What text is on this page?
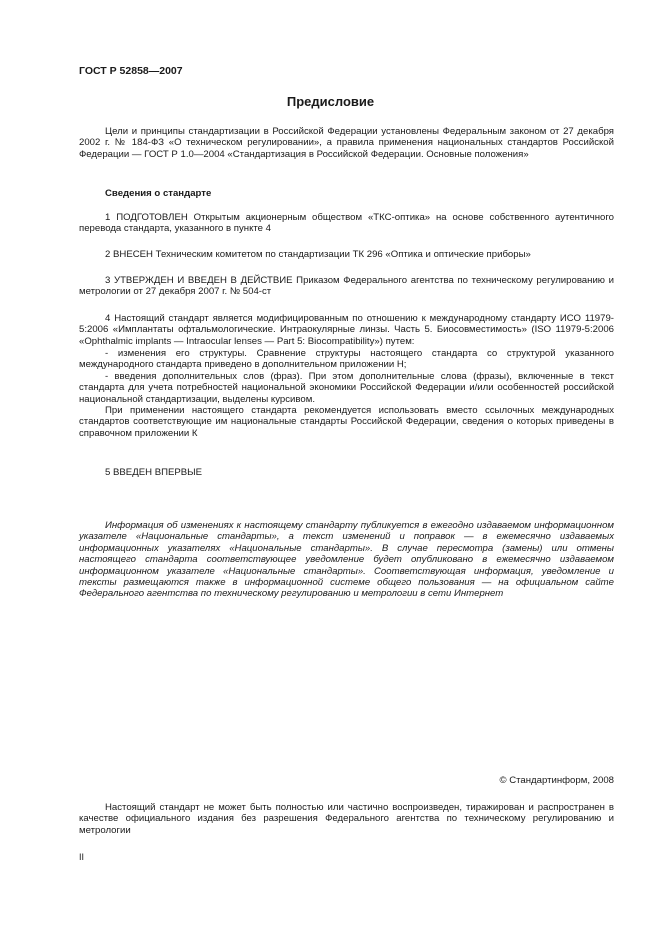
ГОСТ Р 52858—2007
Предисловие
Цели и принципы стандартизации в Российской Федерации установлены Федеральным законом от 27 декабря 2002 г. № 184-ФЗ «О техническом регулировании», а правила применения национальных стандартов Российской Федерации — ГОСТ Р 1.0—2004 «Стандартизация в Российской Федерации. Основные положения»
Сведения о стандарте
1 ПОДГОТОВЛЕН Открытым акционерным обществом «ТКС-оптика» на основе собственного аутентичного перевода стандарта, указанного в пункте 4
2 ВНЕСЕН Техническим комитетом по стандартизации ТК 296 «Оптика и оптические приборы»
3 УТВЕРЖДЕН И ВВЕДЕН В ДЕЙСТВИЕ Приказом Федерального агентства по техническому регулированию и метрологии от 27 декабря 2007 г. № 504-ст
4 Настоящий стандарт является модифицированным по отношению к международному стандарту ИСО 11979-5:2006 «Имплантаты офтальмологические. Интраокулярные линзы. Часть 5. Биосовместимость» (ISO 11979-5:2006 «Ophthalmic implants — Intraocular lenses — Part 5: Biocompatibility») путем:
- изменения его структуры. Сравнение структуры настоящего стандарта со структурой указанного международного стандарта приведено в дополнительном приложении Н;
- введения дополнительных слов (фраз). При этом дополнительные слова (фразы), включенные в текст стандарта для учета потребностей национальной экономики Российской Федерации и/или особенностей российской национальной стандартизации, выделены курсивом.
При применении настоящего стандарта рекомендуется использовать вместо ссылочных международных стандартов соответствующие им национальные стандарты Российской Федерации, сведения о которых приведены в справочном приложении К
5 ВВЕДЕН ВПЕРВЫЕ
Информация об изменениях к настоящему стандарту публикуется в ежегодно издаваемом информационном указателе «Национальные стандарты», а текст изменений и поправок — в ежемесячно издаваемых информационных указателях «Национальные стандарты». В случае пересмотра (замены) или отмены настоящего стандарта соответствующее уведомление будет опубликовано в ежемесячно издаваемом информационном указателе «Национальные стандарты». Соответствующая информация, уведомление и тексты размещаются также в информационной системе общего пользования — на официальном сайте Федерального агентства по техническому регулированию и метрологии в сети Интернет
© Стандартинформ, 2008
Настоящий стандарт не может быть полностью или частично воспроизведен, тиражирован и распространен в качестве официального издания без разрешения Федерального агентства по техническому регулированию и метрологии
II
